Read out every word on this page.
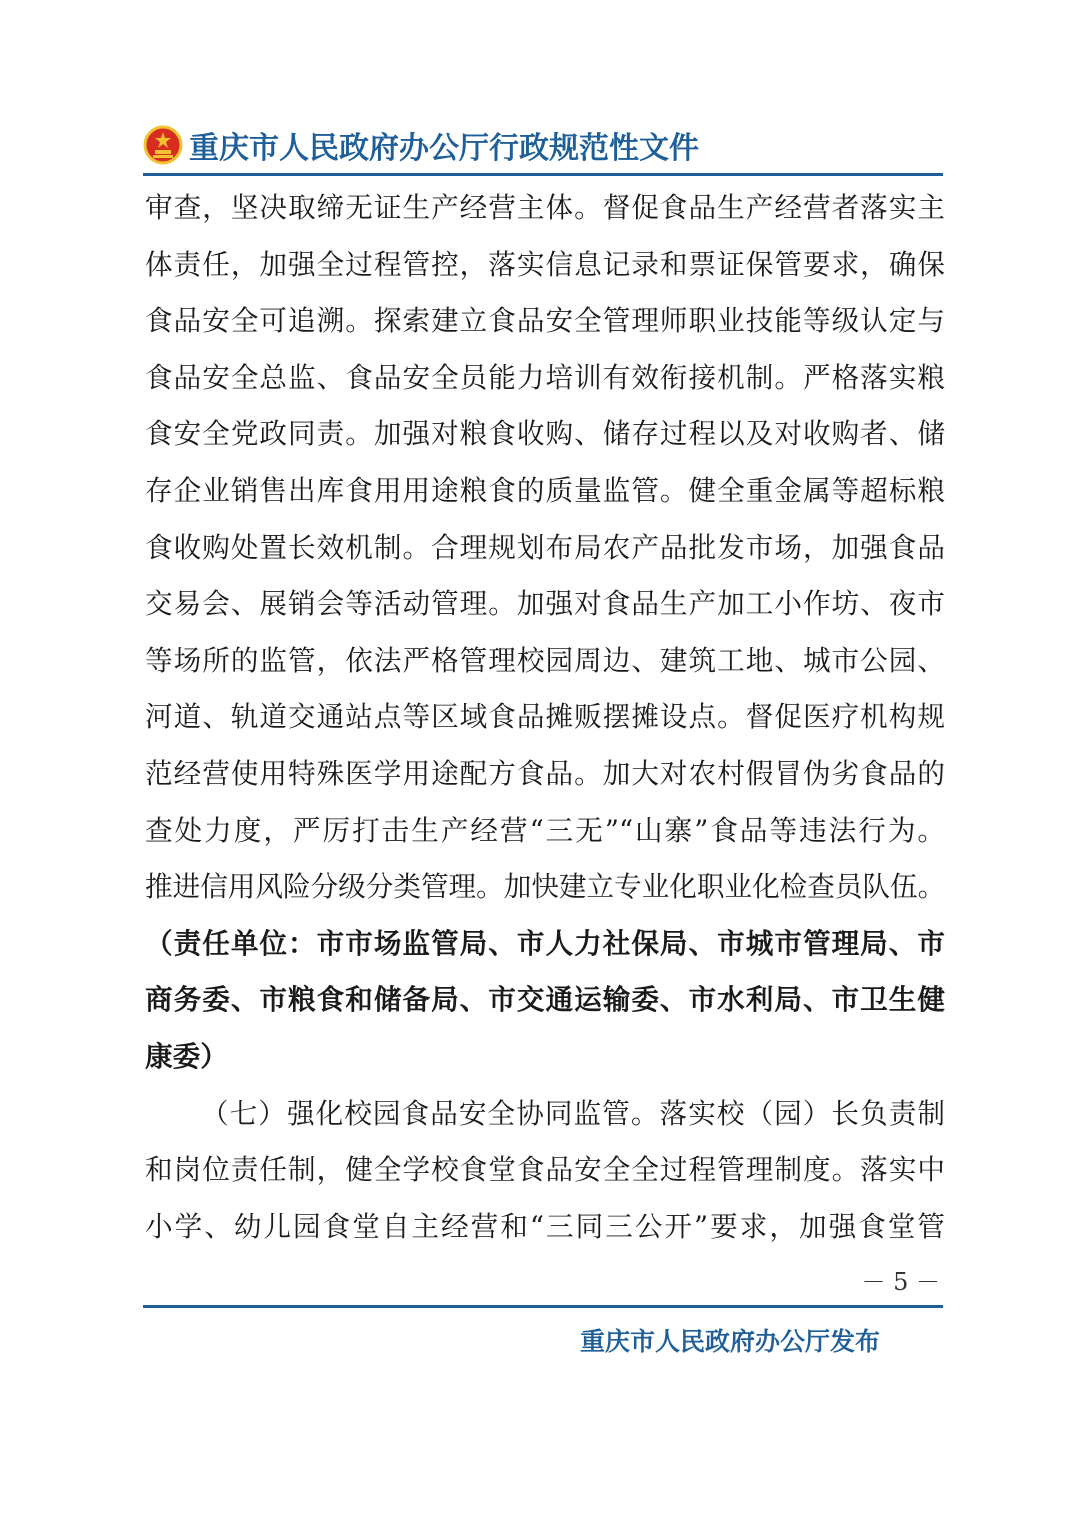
重庆市人民政府办公厅行政规范性文件
审查，坚决取缔无证生产经营主体。督促食品生产经营者落实主
体责任，加强全过程管控，落实信息记录和票证保管要求，确保
食品安全可追溯。探索建立食品安全管理师职业技能等级认定与
食品安全总监、食品安全员能力培训有效衔接机制。严格落实粮
食安全党政同责。加强对粮食收购、储存过程以及对收购者、储
存企业销售出库食用用途粮食的质量监管。健全重金属等超标粮
食收购处置长效机制。合理规划布局农产品批发市场，加强食品
交易会、展销会等活动管理。加强对食品生产加工小作坊、夜市
等场所的监管，依法严格管理校园周边、建筑工地、城市公园、
河道、轨道交通站点等区域食品摊贩摆摊设点。督促医疗机构规
范经营使用特殊医学用途配方食品。加大对农村假冒伪劣食品的
查处力度，严厉打击生产经营“三无”“山寨”食品等违法行为。
推进信用风险分级分类管理。加快建立专业化职业化检查员队伍。
（责任单位：市市场监管局、市人力社保局、市城市管理局、市
商务委、市粮食和储备局、市交通运输委、市水利局、市卫生健
康委）
（七）强化校园食品安全协同监管。落实校（园）长负责制
和岗位责任制，健全学校食堂食品安全全过程管理制度。落实中
小学、幼儿园食堂自主经营和“三同三公开”要求，加强食堂管
－ 5 －
重庆市人民政府办公厅发布
